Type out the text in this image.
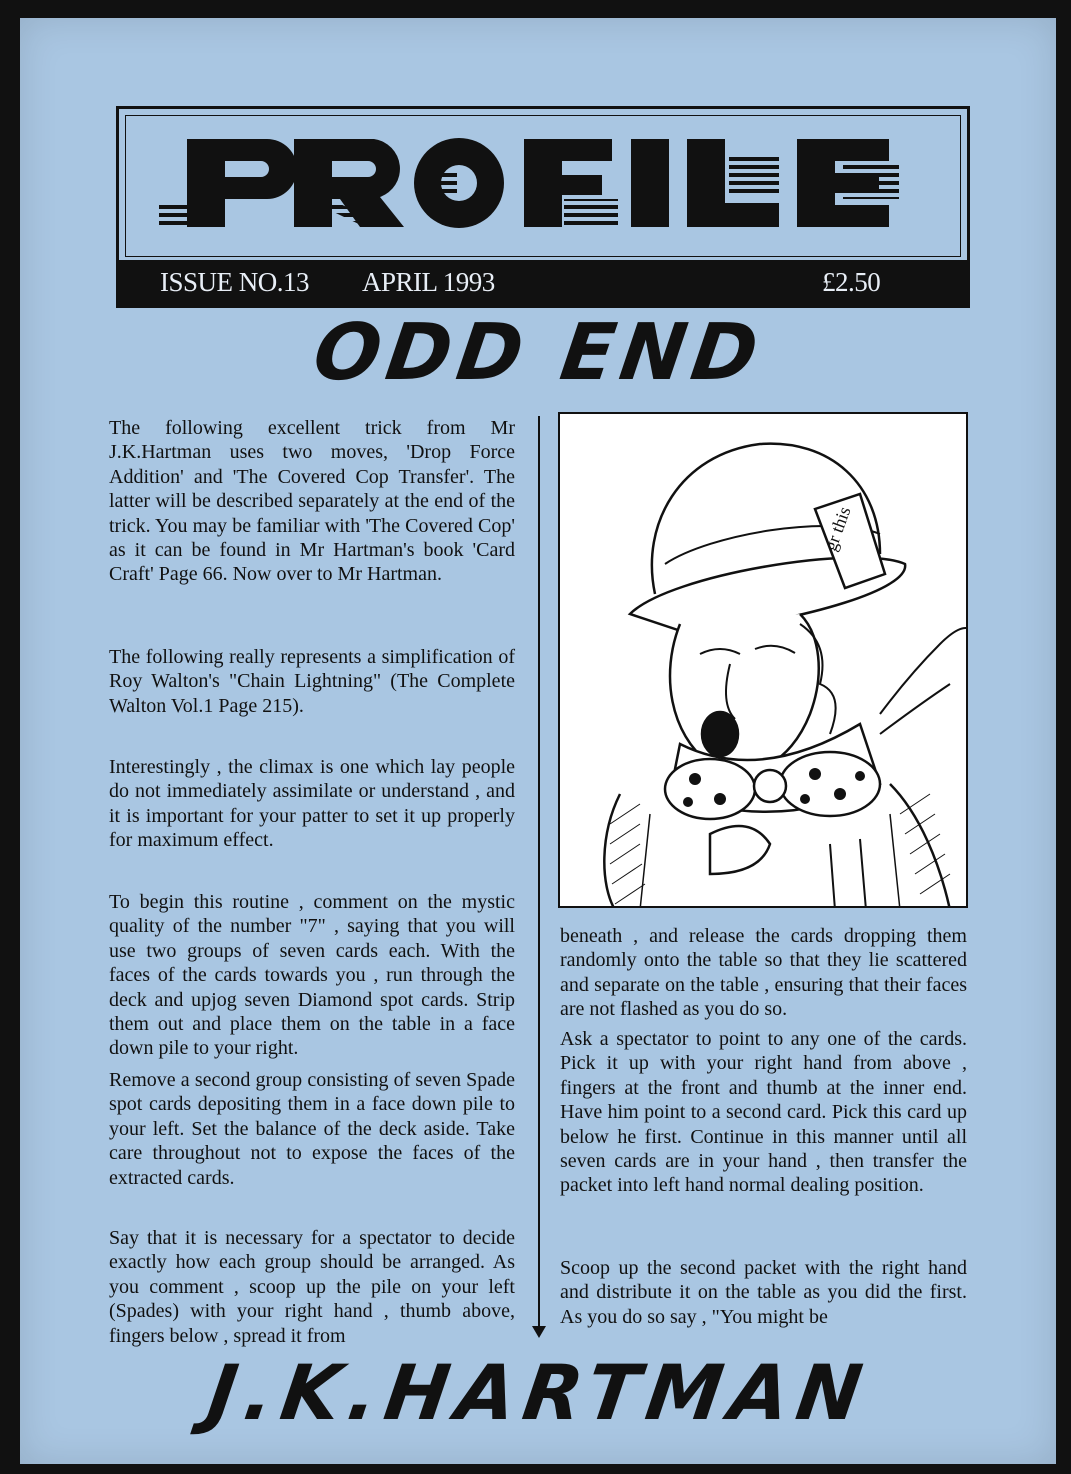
ISSUE NO.13 APRIL 1993	£2.50
ODD END

The following excellent trick from Mr J.K.Hartman uses two moves, 'Drop Force Addition' and 'The Covered Cop Transfer'. The latter will be described separately at the end of the trick. You may be familiar with 'The Covered Cop' as it can be found in Mr Hartman's book 'Card Craft' Page 66. Now over to Mr Hartman.

The following really represents a simplification of Roy Walton's "Chain Lightning" (The Complete Walton Vol.1 Page 215).

Interestingly , the climax is one which lay people do not immediately assimilate or understand , and it is important for your patter to set it up properly for maximum effect.

To begin this routine , comment on the mystic quality of the number "7" , saying that you will use two groups of seven cards each. With the faces of the cards towards you , run through the deck and upjog seven Diamond spot cards. Strip them out and place them on the table in a face down pile to your right.

Remove a second group consisting of seven Spade spot cards depositing them in a face down pile to your left. Set the balance of the deck aside. Take care throughout not to expose the faces of the extracted cards.

Say that it is necessary for a spectator to decide exactly how each group should be arranged. As you comment , scoop up the pile on your left (Spades) with your right hand , thumb above, fingers below , spread it from

gr this

beneath , and release the cards dropping them randomly onto the table so that they lie scattered and separate on the table , ensuring that their faces are not flashed as you do so.

Ask a spectator to point to any one of the cards. Pick it up with your right hand from above , fingers at the front and thumb at the inner end. Have him point to a second card. Pick this card up below he first. Continue in this manner until all seven cards are in your hand , then transfer the packet into left hand normal dealing position.

Scoop up the second packet with the right hand and distribute it on the table as you did the first. As you do so say , "You might be

J.K.HARTMAN
